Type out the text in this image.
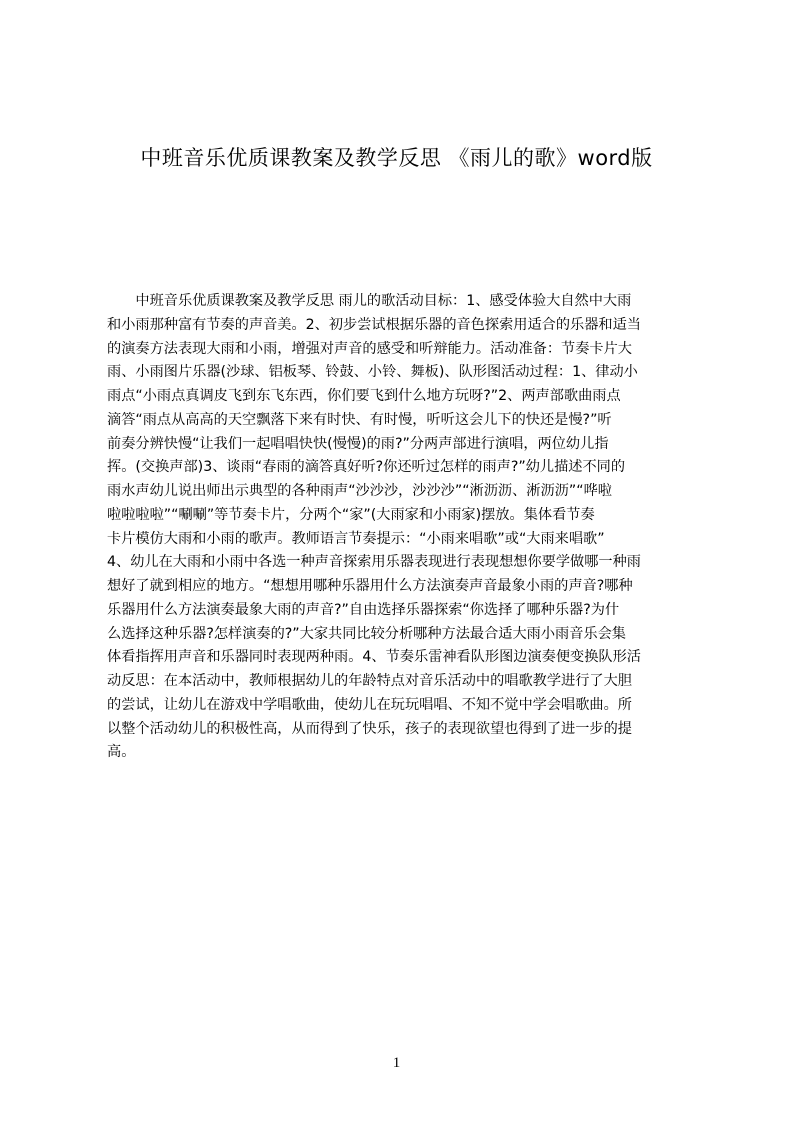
中班音乐优质课教案及教学反思 《雨儿的歌》word版
　　中班音乐优质课教案及教学反思 雨儿的歌活动目标：1、感受体验大自然中大雨
和小雨那种富有节奏的声音美。2、初步尝试根据乐器的音色探索用适合的乐器和适当
的演奏方法表现大雨和小雨，增强对声音的感受和听辩能力。活动准备：节奏卡片大
雨、小雨图片乐器(沙球、铝板琴、铃鼓、小铃、舞板)、队形图活动过程：1、律动小
雨点“小雨点真调皮飞到东飞东西，你们要飞到什么地方玩呀?”2、两声部歌曲雨点
滴答“雨点从高高的天空飘落下来有时快、有时慢，听听这会儿下的快还是慢?”听
前奏分辨快慢“让我们一起唱唱快快(慢慢)的雨?”分两声部进行演唱，两位幼儿指
挥。(交换声部)3、谈雨“春雨的滴答真好听?你还听过怎样的雨声?”幼儿描述不同的
雨水声幼儿说出师出示典型的各种雨声“沙沙沙，沙沙沙”“淅沥沥、淅沥沥”“哗啦
啦啦啦啦”“唰唰”等节奏卡片，分两个“家”(大雨家和小雨家)摆放。集体看节奏
卡片模仿大雨和小雨的歌声。教师语言节奏提示：“小雨来唱歌”或“大雨来唱歌”
4、幼儿在大雨和小雨中各选一种声音探索用乐器表现进行表现想想你要学做哪一种雨
想好了就到相应的地方。“想想用哪种乐器用什么方法演奏声音最象小雨的声音?哪种
乐器用什么方法演奏最象大雨的声音?”自由选择乐器探索“你选择了哪种乐器?为什
么选择这种乐器?怎样演奏的?”大家共同比较分析哪种方法最合适大雨小雨音乐会集
体看指挥用声音和乐器同时表现两种雨。4、节奏乐雷神看队形图边演奏便变换队形活
动反思：在本活动中，教师根据幼儿的年龄特点对音乐活动中的唱歌教学进行了大胆
的尝试，让幼儿在游戏中学唱歌曲，使幼儿在玩玩唱唱、不知不觉中学会唱歌曲。所
以整个活动幼儿的积极性高，从而得到了快乐，孩子的表现欲望也得到了进一步的提
高。
1
